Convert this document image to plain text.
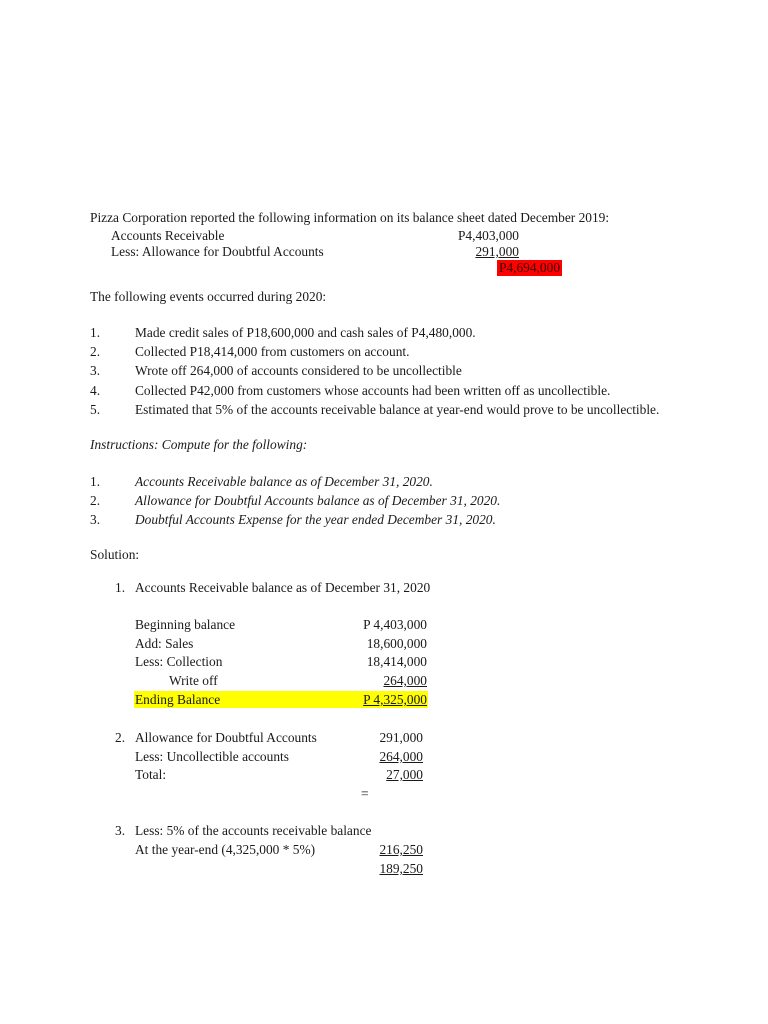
Pizza Corporation reported the following information on its balance sheet dated December 2019:
Accounts Receivable	P4,403,000
Less: Allowance for Doubtful Accounts	291,000
P4,694,000
The following events occurred during 2020:
1.	Made credit sales of P18,600,000 and cash sales of P4,480,000.
2.	Collected P18,414,000 from customers on account.
3.	Wrote off 264,000 of accounts considered to be uncollectible
4.	Collected P42,000 from customers whose accounts had been written off as uncollectible.
5.	Estimated that 5% of the accounts receivable balance at year-end would prove to be uncollectible.
Instructions: Compute for the following:
1.	Accounts Receivable balance as of December 31, 2020.
2.	Allowance for Doubtful Accounts balance as of December 31, 2020.
3.	Doubtful Accounts Expense for the year ended December 31, 2020.
Solution:
1. Accounts Receivable balance as of December 31, 2020
Beginning balance	P 4,403,000
Add: Sales	18,600,000
Less: Collection	18,414,000
Write off	264,000
Ending Balance	P 4,325,000
2. Allowance for Doubtful Accounts	291,000
Less: Uncollectible accounts	264,000
Total:	27,000
=
3. Less: 5% of the accounts receivable balance
At the year-end (4,325,000 * 5%)	216,250
189,250
